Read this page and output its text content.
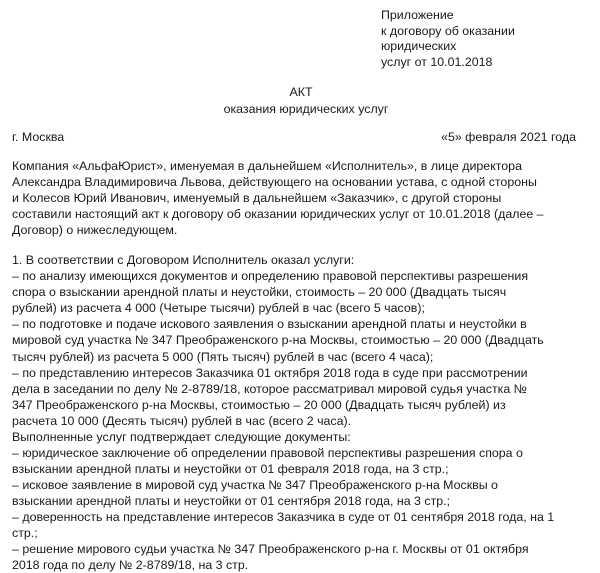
Приложение
к договору об оказании
юридических
услуг от 10.01.2018
АКТ
оказания юридических услуг
г. Москва	«5» февраля 2021 года
Компания «АльфаЮрист», именуемая в дальнейшем «Исполнитель», в лице директора
Александра Владимировича Львова, действующего на основании устава, с одной стороны
и Колесов Юрий Иванович, именуемый в дальнейшем «Заказчик», с другой стороны
составили настоящий акт к договору об оказании юридических услуг от 10.01.2018 (далее –
Договор) о нижеследующем.
1. В соответствии с Договором Исполнитель оказал услуги:
– по анализу имеющихся документов и определению правовой перспективы разрешения
спора о взыскании арендной платы и неустойки, стоимость – 20 000 (Двадцать тысяч
рублей) из расчета 4 000 (Четыре тысячи) рублей в час (всего 5 часов);
– по подготовке и подаче искового заявления о взыскании арендной платы и неустойки в
мировой суд участка № 347 Преображенского р-на Москвы, стоимостью – 20 000 (Двадцать
тысяч рублей) из расчета 5 000 (Пять тысяч) рублей в час (всего 4 часа);
– по представлению интересов Заказчика 01 октября 2018 года в суде при рассмотрении
дела в заседании по делу № 2-8789/18, которое рассматривал мировой судья участка №
347 Преображенского р-на Москвы, стоимостью – 20 000 (Двадцать тысяч рублей) из
расчета 10 000 (Десять тысяч) рублей в час (всего 2 часа).
Выполненные услуг подтверждает следующие документы:
– юридическое заключение об определении правовой перспективы разрешения спора о
взыскании арендной платы и неустойки от 01 февраля 2018 года, на 3 стр.;
– исковое заявление в мировой суд участка № 347 Преображенского р-на Москвы о
взыскании арендной платы и неустойки от 01 сентября 2018 года, на 3 стр.;
– доверенность на представление интересов Заказчика в суде от 01 сентября 2018 года, на 1
стр.;
– решение мирового судьи участка № 347 Преображенского р-на г. Москвы от 01 октября
2018 года по делу № 2-8789/18, на 3 стр.
